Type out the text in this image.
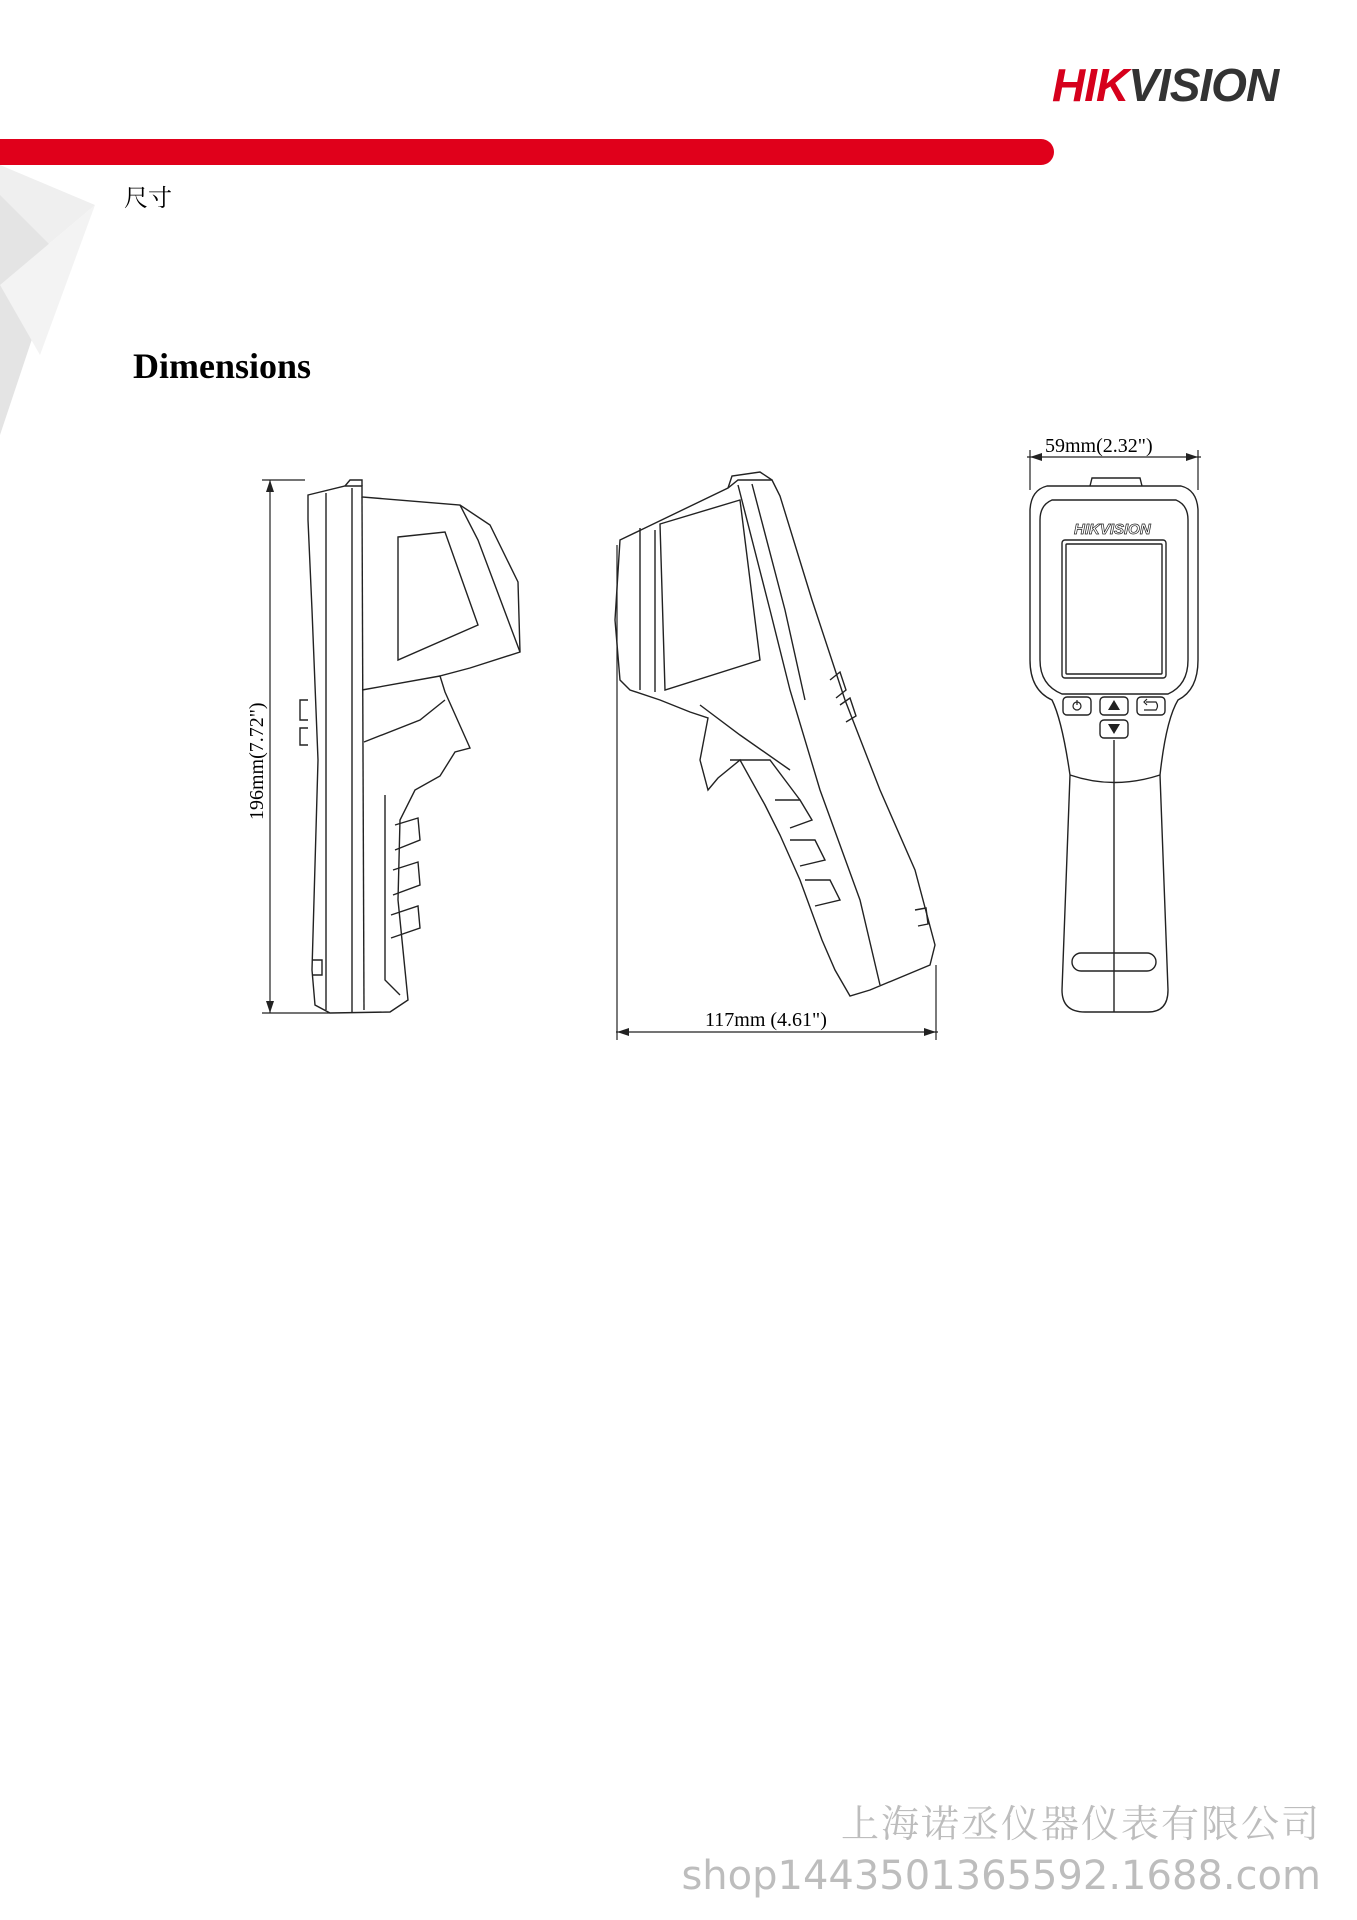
HIKVISION
尺寸
Dimensions
196mm(7.72")
117mm (4.61")
59mm(2.32")
HIKVISION
上海诺丞仪器仪表有限公司
shop1443501365592.1688.com
